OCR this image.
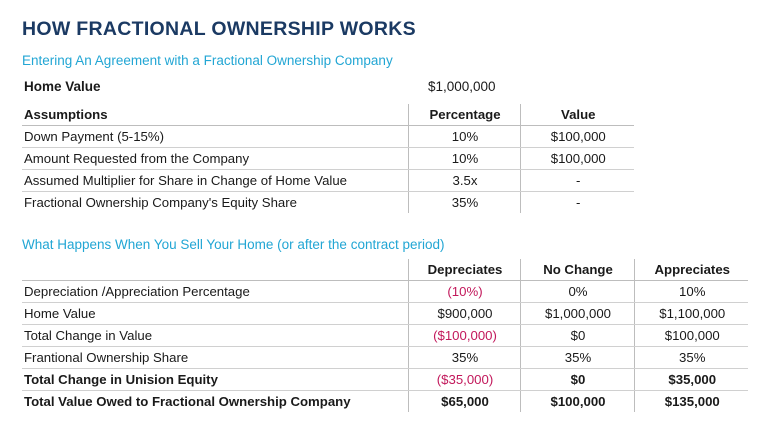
HOW FRACTIONAL OWNERSHIP WORKS
Entering An Agreement with a Fractional Ownership Company
Home Value	$1,000,000
Assumptions	Percentage	Value
Down Payment (5-15%)	10%	$100,000
Amount Requested from the Company	10%	$100,000
Assumed Multiplier for Share in Change of Home Value	3.5x	-
Fractional Ownership Company's Equity Share	35%	-
What Happens When You Sell Your Home (or after the contract period)
	Depreciates	No Change	Appreciates
Depreciation /Appreciation Percentage	(10%)	0%	10%
Home Value	$900,000	$1,000,000	$1,100,000
Total Change in Value	($100,000)	$0	$100,000
Frantional Ownership Share	35%	35%	35%
Total Change in Unision Equity	($35,000)	$0	$35,000
Total Value Owed to Fractional Ownership Company	$65,000	$100,000	$135,000
